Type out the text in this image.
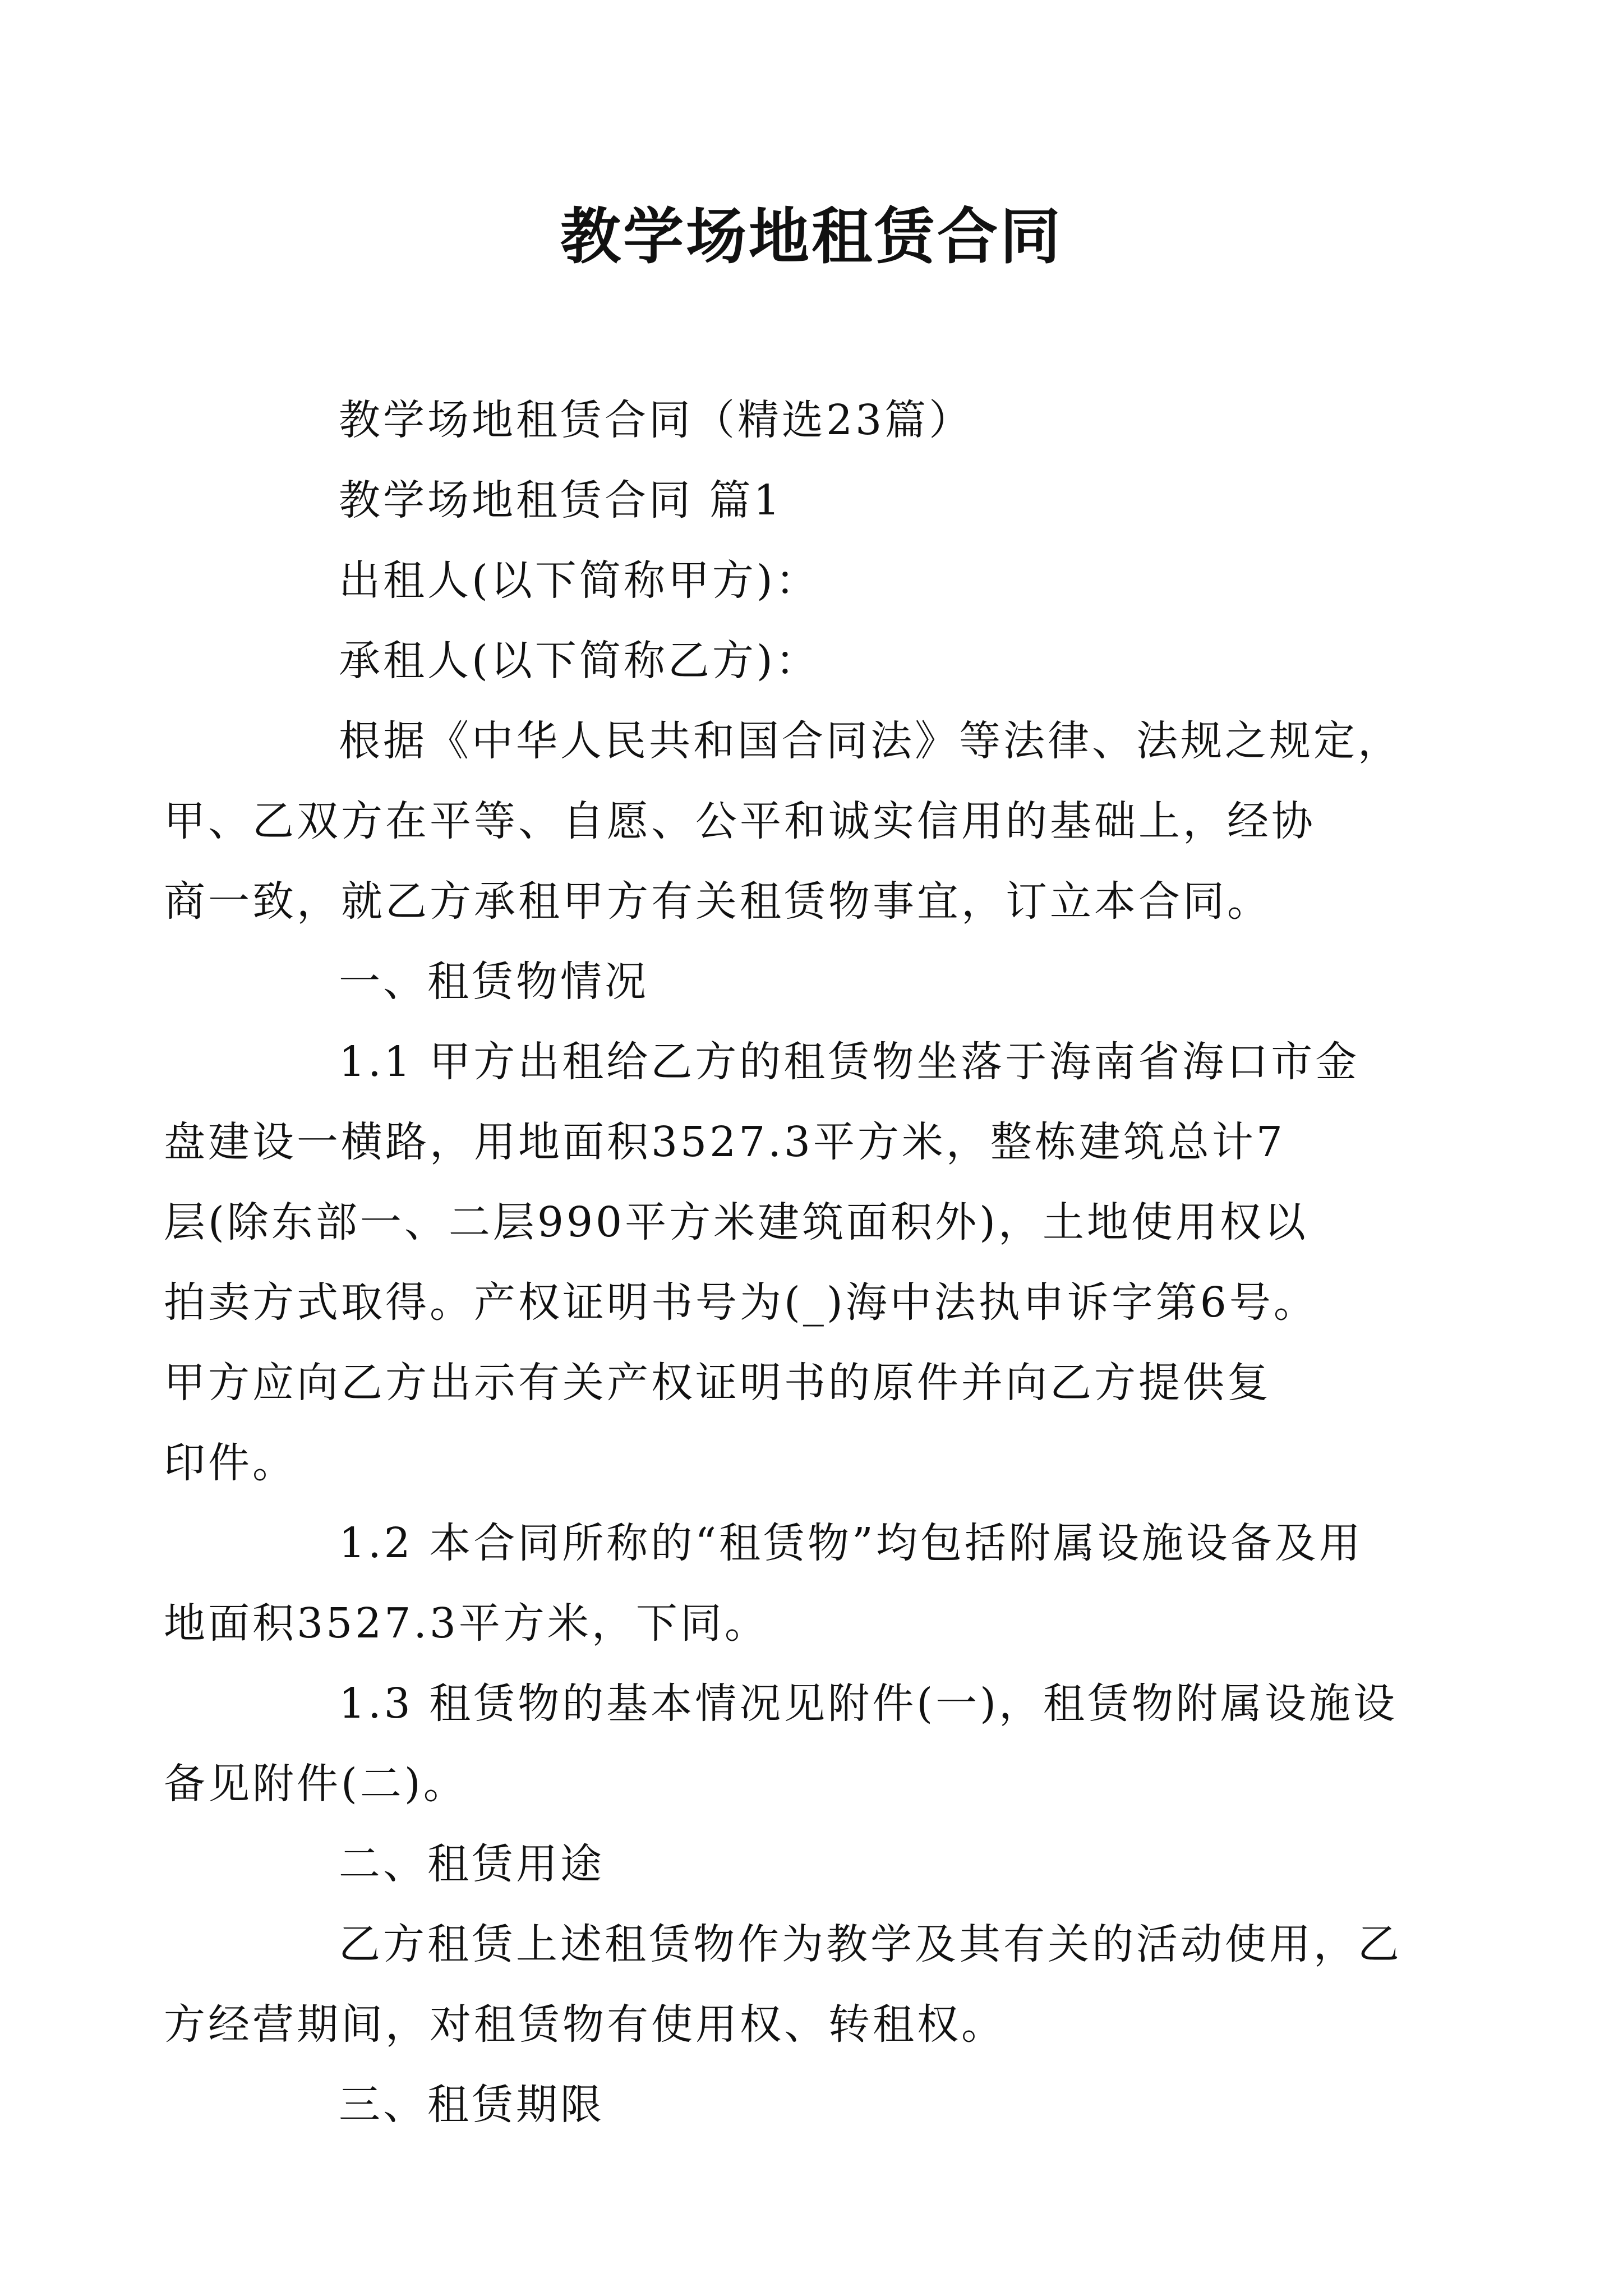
教学场地租赁合同

教学场地租赁合同（精选23篇）

教学场地租赁合同 篇1

出租人(以下简称甲方)：

承租人(以下简称乙方)：

根据《中华人民共和国合同法》等法律、法规之规定，
甲、乙双方在平等、自愿、公平和诚实信用的基础上，经协
商一致，就乙方承租甲方有关租赁物事宜，订立本合同。

一、租赁物情况

1.1 甲方出租给乙方的租赁物坐落于海南省海口市金
盘建设一横路，用地面积3527.3平方米，整栋建筑总计7
层(除东部一、二层990平方米建筑面积外)，土地使用权以
拍卖方式取得。产权证明书号为(_)海中法执申诉字第6号。
甲方应向乙方出示有关产权证明书的原件并向乙方提供复
印件。

1.2 本合同所称的“租赁物”均包括附属设施设备及用
地面积3527.3平方米，下同。

1.3 租赁物的基本情况见附件(一)，租赁物附属设施设
备见附件(二)。

二、租赁用途

乙方租赁上述租赁物作为教学及其有关的活动使用，乙
方经营期间，对租赁物有使用权、转租权。

三、租赁期限
